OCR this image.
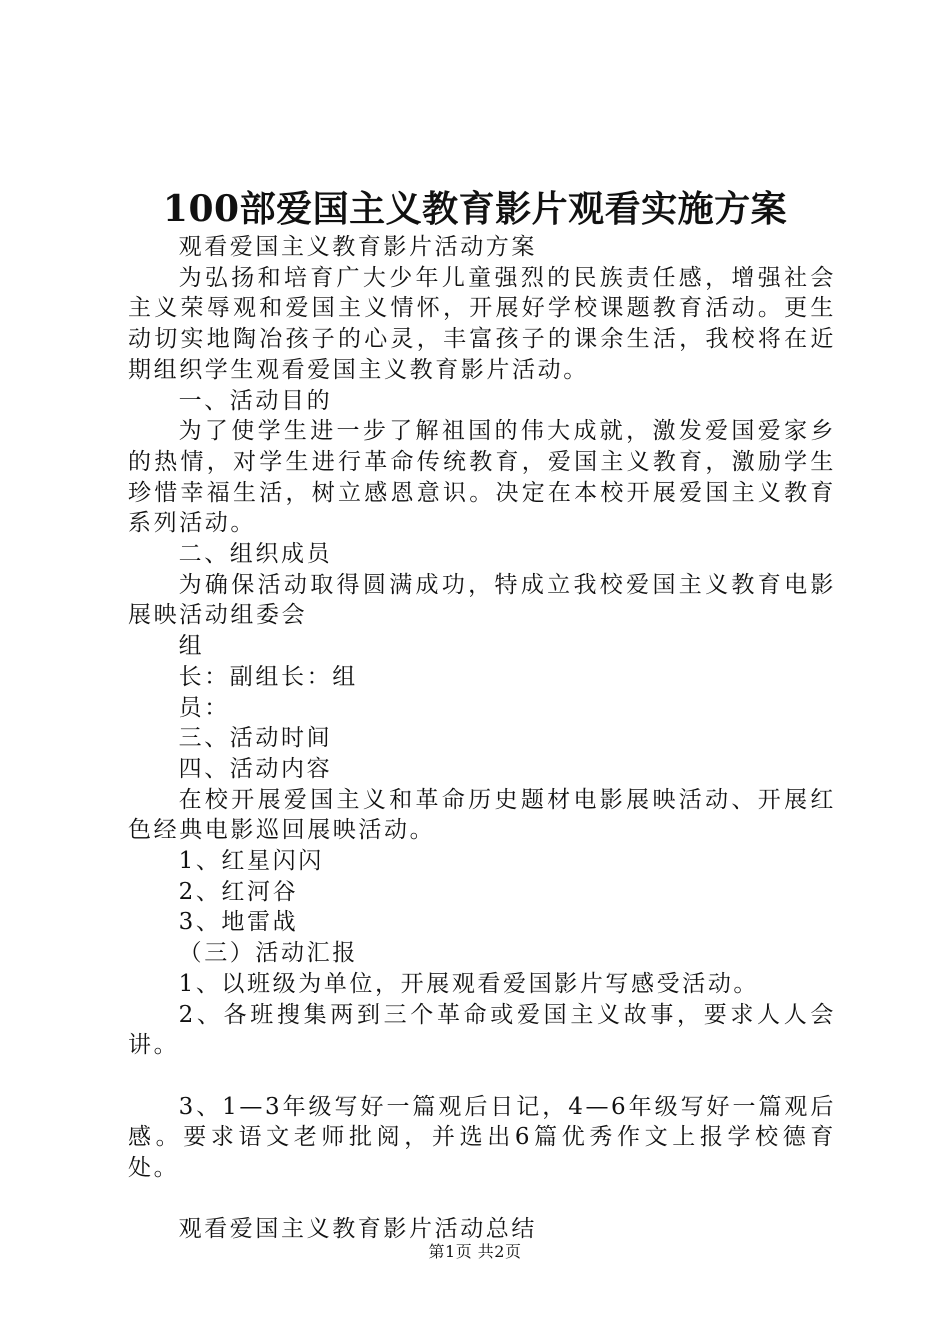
100部爱国主义教育影片观看实施方案

观看爱国主义教育影片活动方案

为弘扬和培育广大少年儿童强烈的民族责任感，增强社会主义荣辱观和爱国主义情怀，开展好学校课题教育活动。更生动切实地陶冶孩子的心灵，丰富孩子的课余生活，我校将在近期组织学生观看爱国主义教育影片活动。

一、活动目的

为了使学生进一步了解祖国的伟大成就，激发爱国爱家乡的热情，对学生进行革命传统教育，爱国主义教育，激励学生珍惜幸福生活，树立感恩意识。决定在本校开展爱国主义教育系列活动。

二、组织成员

为确保活动取得圆满成功，特成立我校爱国主义教育电影展映活动组委会

组

长：副组长：组

员：

三、活动时间

四、活动内容

在校开展爱国主义和革命历史题材电影展映活动、开展红色经典电影巡回展映活动。

1、红星闪闪

2、红河谷

3、地雷战

（三）活动汇报

1、以班级为单位，开展观看爱国影片写感受活动。

2、各班搜集两到三个革命或爱国主义故事，要求人人会讲。

3、1—3年级写好一篇观后日记，4—6年级写好一篇观后感。要求语文老师批阅，并选出6篇优秀作文上报学校德育处。

观看爱国主义教育影片活动总结

第1页 共2页
